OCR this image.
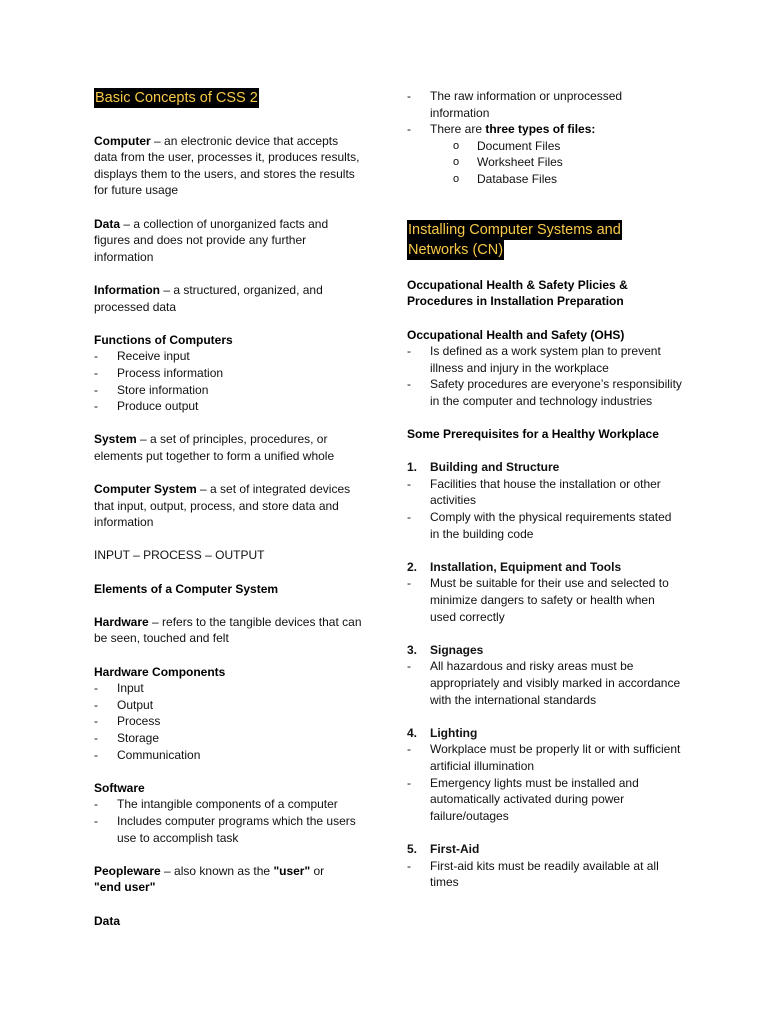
Basic Concepts of CSS 2

Computer – an electronic device that accepts data from the user, processes it, produces results, displays them to the users, and stores the results for future usage

Data – a collection of unorganized facts and figures and does not provide any further information

Information – a structured, organized, and processed data

Functions of Computers

- Receive input
- Process information
- Store information
- Produce output

System – a set of principles, procedures, or elements put together to form a unified whole

Computer System – a set of integrated devices that input, output, process, and store data and information

INPUT – PROCESS – OUTPUT

Elements of a Computer System

Hardware – refers to the tangible devices that can be seen, touched and felt

Hardware Components

- Input
- Output
- Process
- Storage
- Communication

Software

- The intangible components of a computer
- Includes computer programs which the users use to accomplish task

Peopleware – also known as the "user" or
"end user"

Data

- The raw information or unprocessed information
- There are three types of files:
o Document Files
o Worksheet Files
o Database Files
Installing Computer Systems and
Networks (CN)

Occupational Health & Safety Plicies & Procedures in Installation Preparation

Occupational Health and Safety (OHS)

- Is defined as a work system plan to prevent illness and injury in the workplace
- Safety procedures are everyone’s responsibility in the computer and technology industries

Some Prerequisites for a Healthy Workplace

1. Building and Structure
- Facilities that house the installation or other activities
- Comply with the physical requirements stated in the building code
2. Installation, Equipment and Tools
- Must be suitable for their use and selected to minimize dangers to safety or health when used correctly
3. Signages
- All hazardous and risky areas must be appropriately and visibly marked in accordance with the international standards
4. Lighting
- Workplace must be properly lit or with sufficient artificial illumination
- Emergency lights must be installed and automatically activated during power failure/outages
5. First-Aid
- First-aid kits must be readily available at all times
